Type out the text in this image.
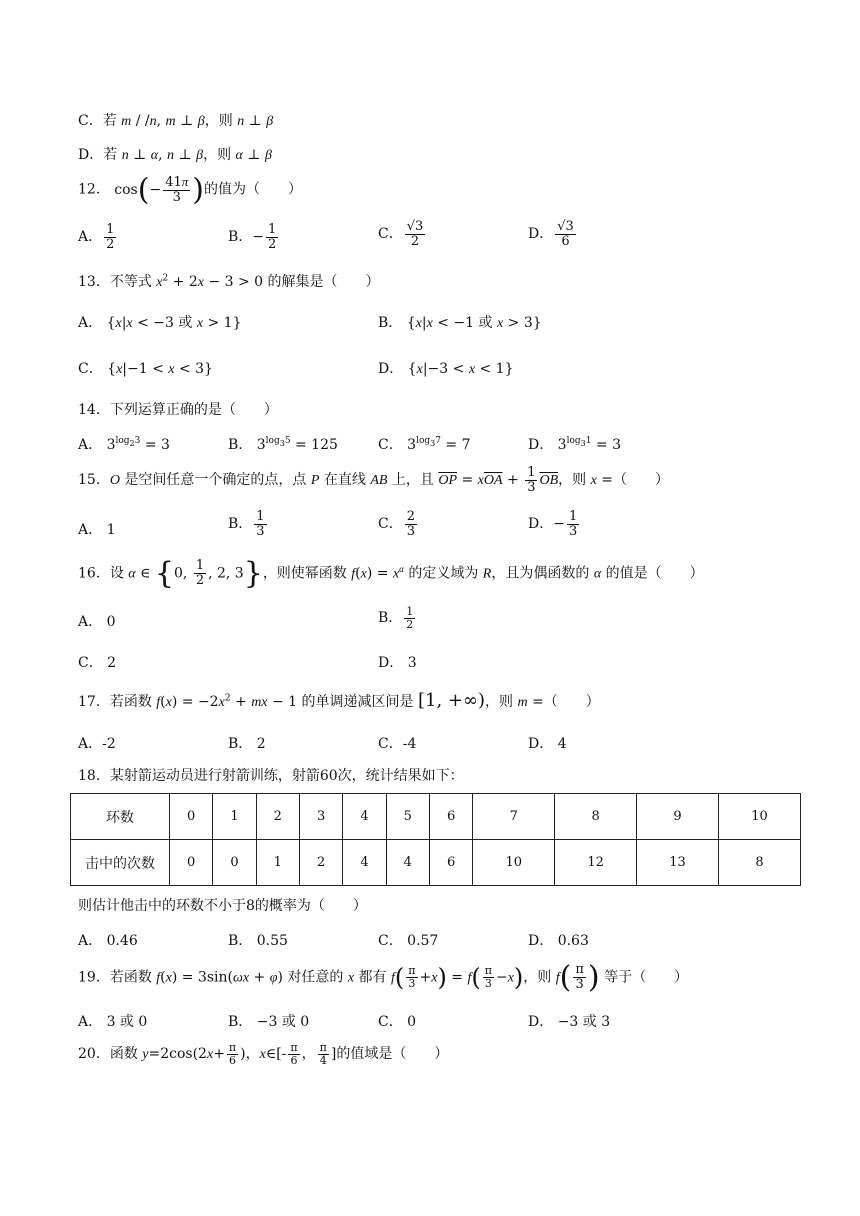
C．若 m / /n, m ⊥ β，则 n ⊥ β
D．若 n ⊥ α, n ⊥ β，则 α ⊥ β
12． $\cos(- \frac{41\pi}{3}$ )的值为（　　）
A． $\frac{1}{2}$	B．− $\frac{1}{2}$	C． $\frac{√3}{2}$	D． $\frac{√3}{6}$
13．不等式 $x^2 + 2x - 3 > 0$ 的解集是（　　）
A． {x|x < −3 或 x > 1}	B． {x|x < −1 或 x > 3}
C． {x|−1 < x < 3}	D． {x|−3 < x < 1}
14．下列运算正确的是（　　）
A． $3^{log_23} = 3$	B． $3^{log_35} = 125$	C． $3^{log_37} = 7$	D． $3^{log_31} = 3$
15．O 是空间任意一个确定的点，点 P 在直线 AB 上，且 $\overline{OP} = x\overline{OA} + \frac{1}{3} \overline{OB}$，则 x =（　　）
A． 1	B． $\frac{1}{3}$	C． $\frac{2}{3}$	D．− $\frac{1}{3}$
16．设 α ∈ {0, $\frac{1}{2}$ , 2, 3}，则使幂函数 $f(x) = x^\alpha$ 的定义域为 R，且为偶函数的 α 的值是（　　）
A． 0	B． $\frac{1}{2}$
C． 2	D． 3
17．若函数 $f(x) = -2x^2$ + mx − 1 的单调递减区间是 [1, +∞)，则 m =（　　）
A．-2	B． 2	C．-4	D． 4
18．某射箭运动员进行射箭训练，射箭60次，统计结果如下：
环数	0	1	2	3	4	5	6	7	8	9	10
击中的次数	0	0	1	2	4	4	6	10	12	13	8
则估计他击中的环数不小于8的概率为（　　）
A． 0.46	B． 0.55	C． 0.57	D． 0.63
19．若函数 f(x) = 3sin(ωx + φ) 对任意的 x 都有 $f( \frac{\pi}{3} +x) = f( \frac{\pi}{3} -x)$，则 $f( \frac{\pi}{3}$ ) 等于（　　）
A． 3 或 0	B． −3 或 0	C． 0	D． −3 或 3
20．函数 $y=2\cos(2x+ \frac{\pi}{6}$ )，x∈[- $\frac{\pi}{6}$ ， $\frac{\pi}{4}$ ]的值域是（　　）
